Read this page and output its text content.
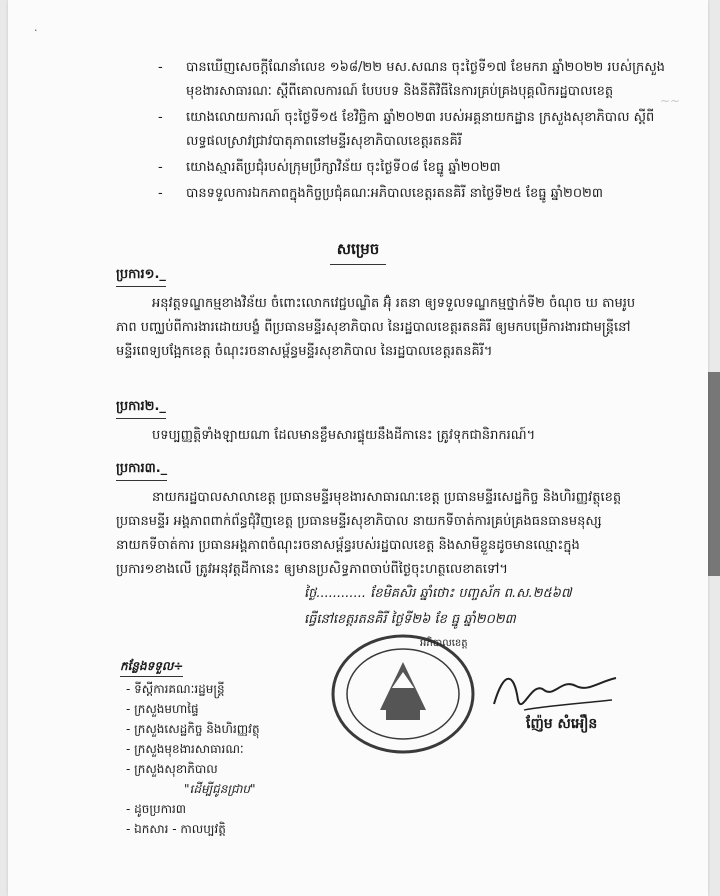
·
~~
- បានឃើញសេចក្តីណែនាំលេខ ១៦៨/២២ មស.សណន ចុះថ្ងៃទី១៧ ខែមករា ឆ្នាំ២០២២ របស់ក្រសួងមុខងារសាធារណៈ ស្តីពីគោលការណ៍ បែបបទ និងនីតិវិធីនៃការគ្រប់គ្រងបុគ្គលិករដ្ឋបាលខេត្ត
- យោងលោយការណ៍ ចុះថ្ងៃទី១៥ ខែវិច្ឆិកា ឆ្នាំ២០២៣ របស់អគ្គនាយកដ្ឋាន ក្រសួងសុខាភិបាល ស្តីពីលទ្ធផលស្រាវជ្រាវបាតុភាពនៅមន្ទីរសុខាភិបាលខេត្តរតនគិរី
- យោងស្មារតីប្រជុំរបស់ក្រុមប្រឹក្សាវិន័យ ចុះថ្ងៃទី០៨ ខែធ្នូ ឆ្នាំ២០២៣
- បានទទួលការឯកភាពក្នុងកិច្ចប្រជុំគណៈអភិបាលខេត្តរតនគិរី នាថ្ងៃទី២៥ ខែធ្នូ ឆ្នាំ២០២៣
សម្រេច
ប្រការ១._

អនុវត្តទណ្ឌកម្មខាងវិន័យ ចំពោះលោកវេជ្ជបណ្ឌិត អ៊ុំ រតនា ឲ្យទទួលទណ្ឌកម្មថ្នាក់ទី២ ចំណុច ឃ តាមរូបភាព បញ្ឈប់ពីការងារដោយបង្ខំ ពីប្រធានមន្ទីរសុខាភិបាល នៃរដ្ឋបាលខេត្តរតនគិរី ឲ្យមកបម្រើការងារជាមន្ត្រីនៅមន្ទីរពេទ្យបង្អែកខេត្ត ចំណុះរចនាសម្ព័ន្ធមន្ទីរសុខាភិបាល នៃរដ្ឋបាលខេត្តរតនគិរី។

ប្រការ២._

បទប្បញ្ញត្តិទាំងឡាយណា ដែលមានខ្លឹមសារផ្ទុយនឹងដីកានេះ ត្រូវទុកជានិរាករណ៍។

ប្រការ៣._

នាយករដ្ឋបាលសាលាខេត្ត ប្រធានមន្ទីរមុខងារសាធារណៈខេត្ត ប្រធានមន្ទីរសេដ្ឋកិច្ច និងហិរញ្ញវត្ថុខេត្ត ប្រធានមន្ទីរ អង្គភាពពាក់ព័ន្ធជុំវិញខេត្ត ប្រធានមន្ទីរសុខាភិបាល នាយកទីចាត់ការគ្រប់គ្រងធនធានមនុស្ស នាយកទីចាត់ការ ប្រធានអង្គភាពចំណុះរចនាសម្ព័ន្ធរបស់រដ្ឋបាលខេត្ត និងសាមីខ្លួនដូចមានឈ្មោះក្នុងប្រការ១ខាងលើ ត្រូវអនុវត្តដីកានេះ ឲ្យមានប្រសិទ្ធភាពចាប់ពីថ្ងៃចុះហត្ថលេខាតទៅ។

ថ្ងៃ............ ខែមិគសិរ ឆ្នាំថោះ បញ្ចស័ក ព.ស.២៥៦៧
ធ្វើនៅខេត្តរតនគិរី ថ្ងៃទី២៦ ខែ ធ្នូ ឆ្នាំ២០២៣
អភិបាលខេត្ត
ញ៉ែម សំអឿន
កន្លែងទទួល÷
- ទីស្តីការគណៈរដ្ឋមន្ត្រី
- ក្រសួងមហាផ្ទៃ
- ក្រសួងសេដ្ឋកិច្ច និងហិរញ្ញវត្ថុ
- ក្រសួងមុខងារសាធារណៈ
- ក្រសួងសុខាភិបាល
"ដើម្បីជូនជ្រាប"
- ដូចប្រការ៣
- ឯកសារ - កាលប្បវត្តិ
